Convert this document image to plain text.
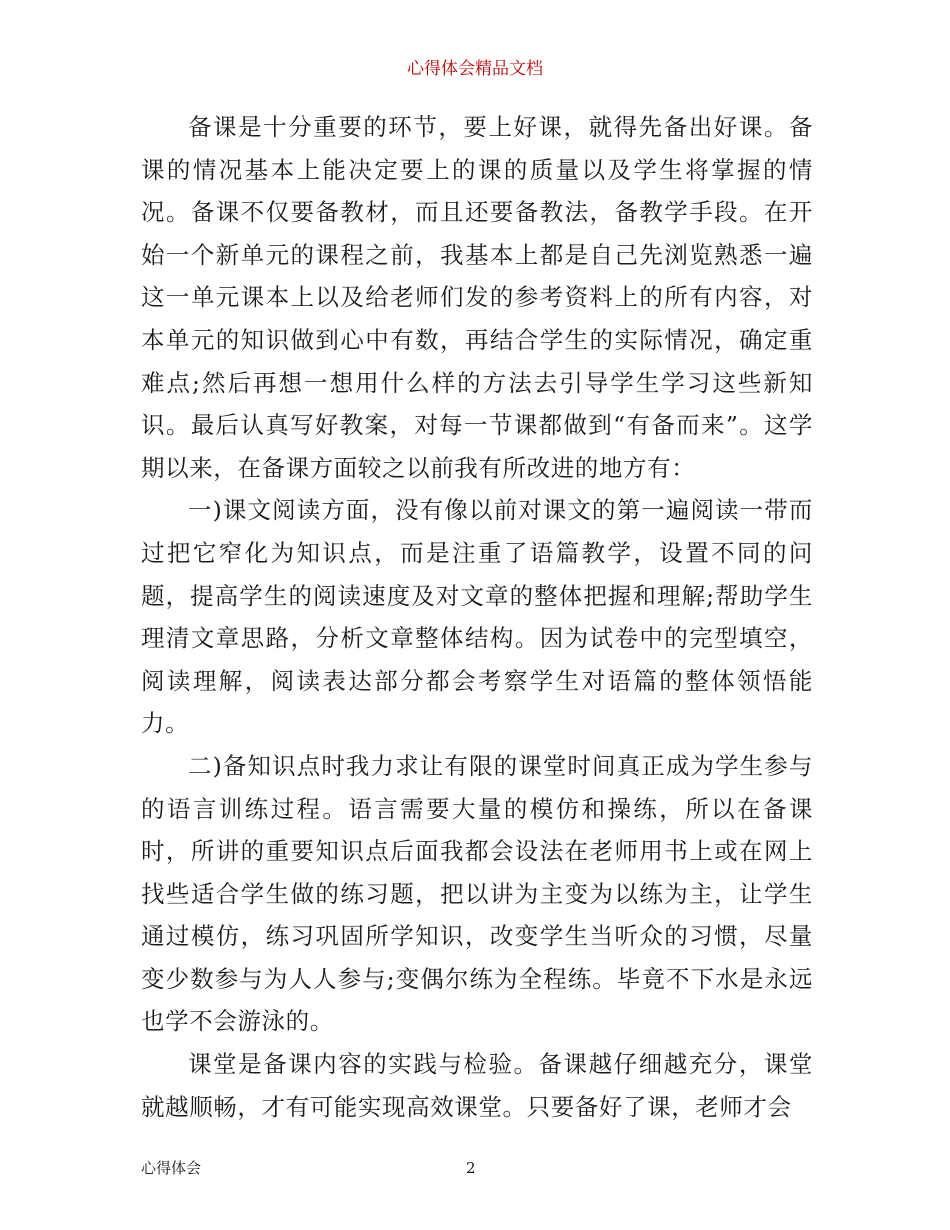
心得体会精品文档

备课是十分重要的环节，要上好课，就得先备出好课。备课的情况基本上能决定要上的课的质量以及学生将掌握的情况。备课不仅要备教材，而且还要备教法，备教学手段。在开始一个新单元的课程之前，我基本上都是自己先浏览熟悉一遍这一单元课本上以及给老师们发的参考资料上的所有内容，对本单元的知识做到心中有数，再结合学生的实际情况，确定重难点;然后再想一想用什么样的方法去引导学生学习这些新知识。最后认真写好教案，对每一节课都做到“有备而来”。这学期以来，在备课方面较之以前我有所改进的地方有：

一)课文阅读方面，没有像以前对课文的第一遍阅读一带而过把它窄化为知识点，而是注重了语篇教学，设置不同的问题，提高学生的阅读速度及对文章的整体把握和理解;帮助学生理清文章思路，分析文章整体结构。因为试卷中的完型填空，阅读理解，阅读表达部分都会考察学生对语篇的整体领悟能力。

二)备知识点时我力求让有限的课堂时间真正成为学生参与的语言训练过程。语言需要大量的模仿和操练，所以在备课时，所讲的重要知识点后面我都会设法在老师用书上或在网上找些适合学生做的练习题，把以讲为主变为以练为主，让学生通过模仿，练习巩固所学知识，改变学生当听众的习惯，尽量变少数参与为人人参与;变偶尔练为全程练。毕竟不下水是永远也学不会游泳的。

课堂是备课内容的实践与检验。备课越仔细越充分，课堂就越顺畅，才有可能实现高效课堂。只要备好了课，老师才会

心得体会	2
